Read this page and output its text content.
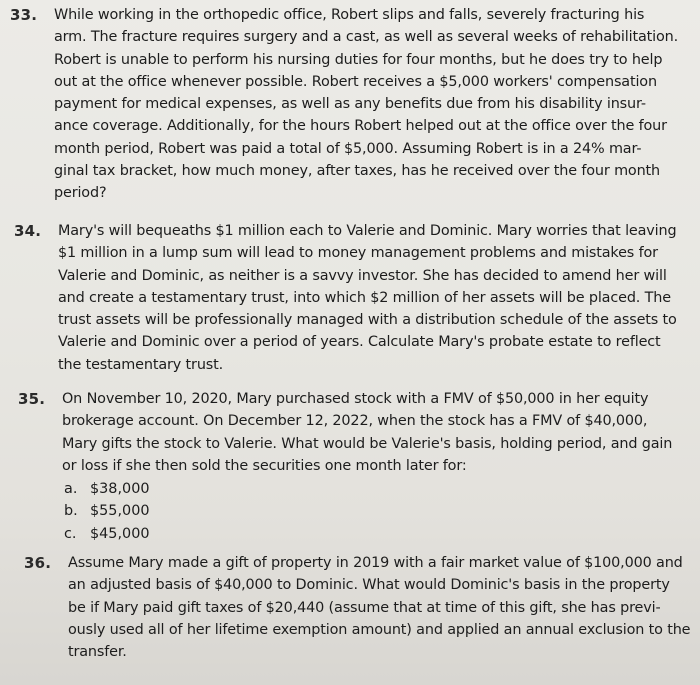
33. While working in the orthopedic office, Robert slips and falls, severely fracturing his
arm. The fracture requires surgery and a cast, as well as several weeks of rehabilitation.
Robert is unable to perform his nursing duties for four months, but he does try to help
out at the office whenever possible. Robert receives a $5,000 workers' compensation
payment for medical expenses, as well as any benefits due from his disability insur-
ance coverage. Additionally, for the hours Robert helped out at the office over the four
month period, Robert was paid a total of $5,000. Assuming Robert is in a 24% mar-
ginal tax bracket, how much money, after taxes, has he received over the four month
period?
34. Mary's will bequeaths $1 million each to Valerie and Dominic. Mary worries that leaving
$1 million in a lump sum will lead to money management problems and mistakes for
Valerie and Dominic, as neither is a savvy investor. She has decided to amend her will
and create a testamentary trust, into which $2 million of her assets will be placed. The
trust assets will be professionally managed with a distribution schedule of the assets to
Valerie and Dominic over a period of years. Calculate Mary's probate estate to reflect
the testamentary trust.
35. On November 10, 2020, Mary purchased stock with a FMV of $50,000 in her equity
brokerage account. On December 12, 2022, when the stock has a FMV of $40,000,
Mary gifts the stock to Valerie. What would be Valerie's basis, holding period, and gain
or loss if she then sold the securities one month later for:
a. $38,000
b. $55,000
c. $45,000
36. Assume Mary made a gift of property in 2019 with a fair market value of $100,000 and
an adjusted basis of $40,000 to Dominic. What would Dominic's basis in the property
be if Mary paid gift taxes of $20,440 (assume that at time of this gift, she has previ-
ously used all of her lifetime exemption amount) and applied an annual exclusion to the
transfer.
